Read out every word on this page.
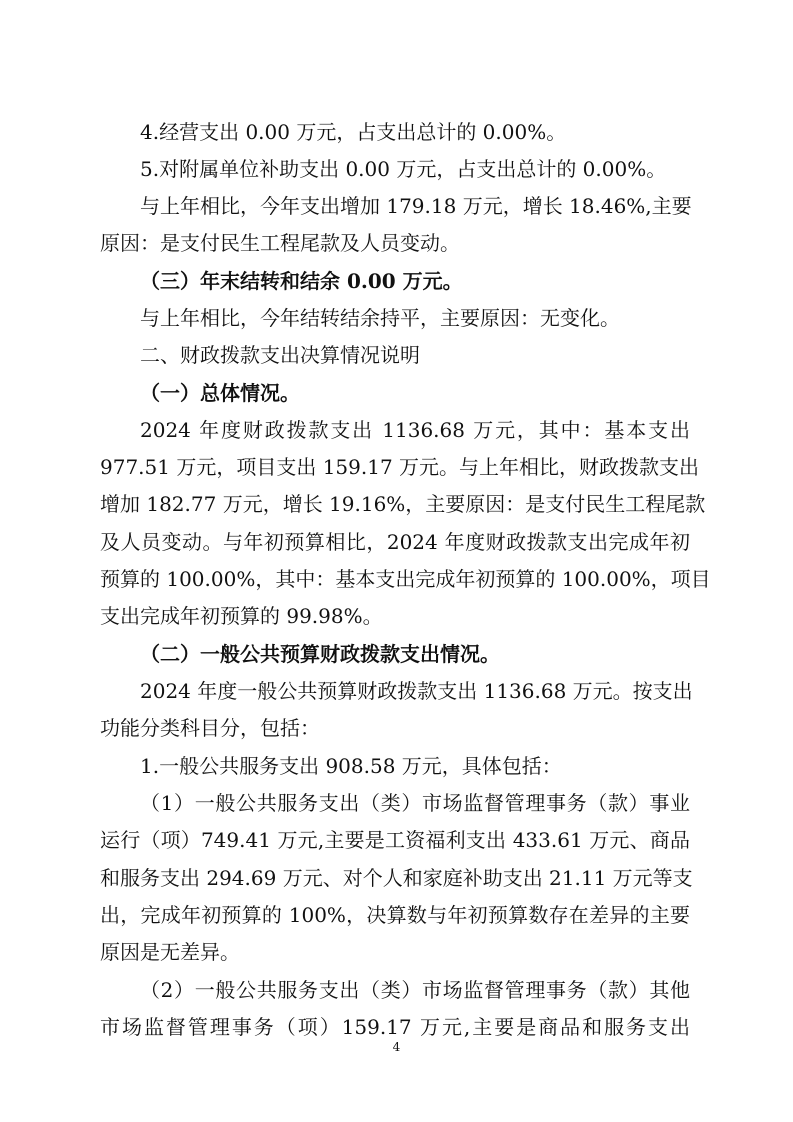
4.经营支出 0.00 万元，占支出总计的 0.00%。
5.对附属单位补助支出 0.00 万元，占支出总计的 0.00%。
与上年相比，今年支出增加 179.18 万元，增长 18.46%,主要
原因：是支付民生工程尾款及人员变动。
（三）年末结转和结余 0.00 万元。
与上年相比，今年结转结余持平，主要原因：无变化。
二、财政拨款支出决算情况说明
（一）总体情况。
2024 年度财政拨款支出 1136.68 万元，其中：基本支出
977.51 万元，项目支出 159.17 万元。与上年相比，财政拨款支出
增加 182.77 万元，增长 19.16%，主要原因：是支付民生工程尾款
及人员变动。与年初预算相比，2024 年度财政拨款支出完成年初
预算的 100.00%，其中：基本支出完成年初预算的 100.00%，项目
支出完成年初预算的 99.98%。
（二）一般公共预算财政拨款支出情况。
2024 年度一般公共预算财政拨款支出 1136.68 万元。按支出
功能分类科目分，包括：
1.一般公共服务支出 908.58 万元，具体包括：
（1）一般公共服务支出（类）市场监督管理事务（款）事业
运行（项）749.41 万元,主要是工资福利支出 433.61 万元、商品
和服务支出 294.69 万元、对个人和家庭补助支出 21.11 万元等支
出，完成年初预算的 100%，决算数与年初预算数存在差异的主要
原因是无差异。
（2）一般公共服务支出（类）市场监督管理事务（款）其他
市场监督管理事务（项）159.17 万元,主要是商品和服务支出
4
